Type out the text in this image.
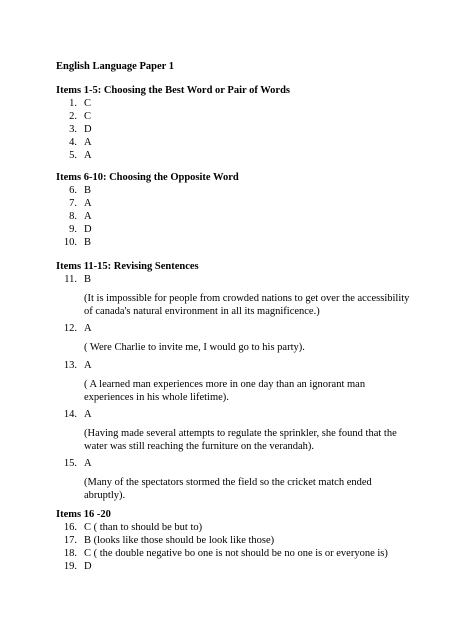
English Language Paper 1
Items 1-5: Choosing the Best Word or Pair of Words
1. C
2. C
3. D
4. A
5. A
Items 6-10: Choosing the Opposite Word
6. B
7. A
8. A
9. D
10. B
Items 11-15: Revising Sentences
11. B
(It is impossible for people from crowded nations to get over the accessibility of canada's natural environment in all its magnificence.)
12. A
( Were Charlie to invite me, I would go to his party).
13. A
( A learned man experiences more in one day than an ignorant man experiences in his whole lifetime).
14. A
(Having made several attempts to regulate the sprinkler, she found that the water was still reaching the furniture on the verandah).
15. A
(Many of the spectators stormed the field so the cricket match ended abruptly).
Items 16 -20
16. C ( than to should be but to)
17. B (looks like those should be look like those)
18. C ( the double negative bo one is not should be no one is or everyone is)
19. D
